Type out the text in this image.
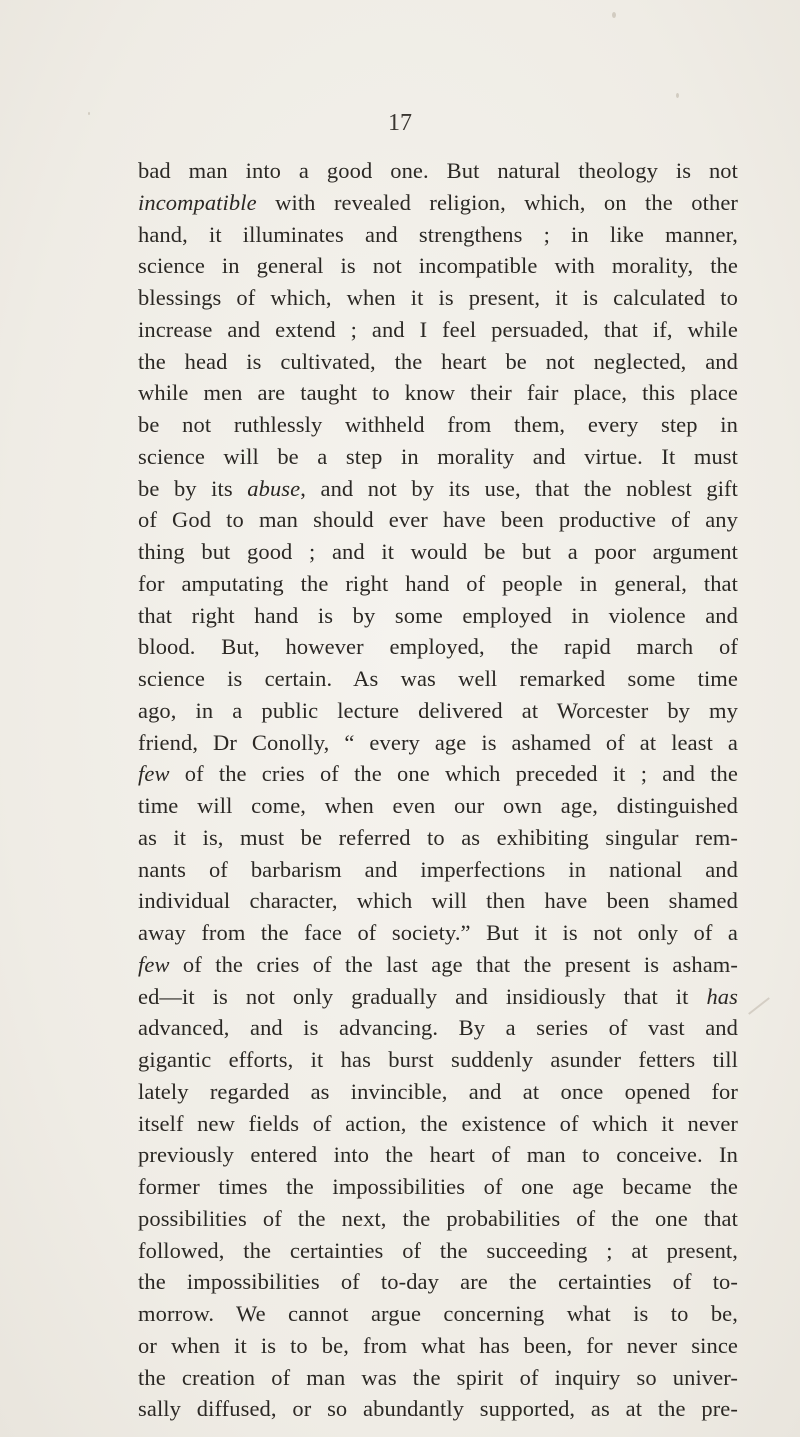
17
bad man into a good one. But natural theology is not
incompatible with revealed religion, which, on the other
hand, it illuminates and strengthens ; in like manner,
science in general is not incompatible with morality, the
blessings of which, when it is present, it is calculated to
increase and extend ; and I feel persuaded, that if, while
the head is cultivated, the heart be not neglected, and
while men are taught to know their fair place, this place
be not ruthlessly withheld from them, every step in
science will be a step in morality and virtue. It must
be by its abuse, and not by its use, that the noblest gift
of God to man should ever have been productive of any
thing but good ; and it would be but a poor argument
for amputating the right hand of people in general, that
that right hand is by some employed in violence and
blood. But, however employed, the rapid march of
science is certain. As was well remarked some time
ago, in a public lecture delivered at Worcester by my
friend, Dr Conolly, “ every age is ashamed of at least a
few of the cries of the one which preceded it ; and the
time will come, when even our own age, distinguished
as it is, must be referred to as exhibiting singular rem-
nants of barbarism and imperfections in national and
individual character, which will then have been shamed
away from the face of society.” But it is not only of a
few of the cries of the last age that the present is asham-
ed—it is not only gradually and insidiously that it has
advanced, and is advancing. By a series of vast and
gigantic efforts, it has burst suddenly asunder fetters till
lately regarded as invincible, and at once opened for
itself new fields of action, the existence of which it never
previously entered into the heart of man to conceive. In
former times the impossibilities of one age became the
possibilities of the next, the probabilities of the one that
followed, the certainties of the succeeding ; at present,
the impossibilities of to-day are the certainties of to-
morrow. We cannot argue concerning what is to be,
or when it is to be, from what has been, for never since
the creation of man was the spirit of inquiry so univer-
sally diffused, or so abundantly supported, as at the pre-
